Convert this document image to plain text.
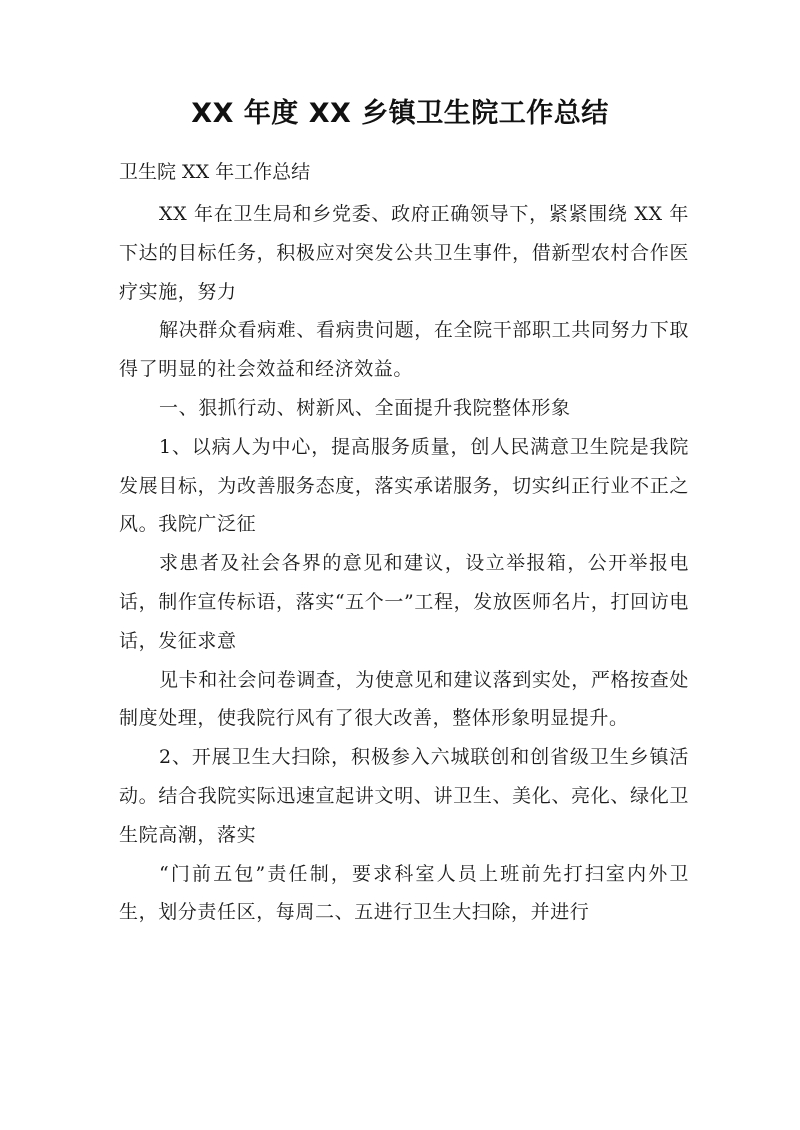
XX 年度 XX 乡镇卫生院工作总结
卫生院 XX 年工作总结

XX 年在卫生局和乡党委、政府正确领导下，紧紧围绕 XX 年下达的目标任务，积极应对突发公共卫生事件，借新型农村合作医疗实施，努力

解决群众看病难、看病贵问题，在全院干部职工共同努力下取得了明显的社会效益和经济效益。

一、狠抓行动、树新风、全面提升我院整体形象

1、以病人为中心，提高服务质量，创人民满意卫生院是我院发展目标，为改善服务态度，落实承诺服务，切实纠正行业不正之风。我院广泛征

求患者及社会各界的意见和建议，设立举报箱，公开举报电话，制作宣传标语，落实“五个一”工程，发放医师名片，打回访电话，发征求意

见卡和社会问卷调查，为使意见和建议落到实处，严格按查处制度处理，使我院行风有了很大改善，整体形象明显提升。

2、开展卫生大扫除，积极参入六城联创和创省级卫生乡镇活动。结合我院实际迅速宣起讲文明、讲卫生、美化、亮化、绿化卫生院高潮，落实

“门前五包”责任制，要求科室人员上班前先打扫室内外卫生，划分责任区，每周二、五进行卫生大扫除，并进行
